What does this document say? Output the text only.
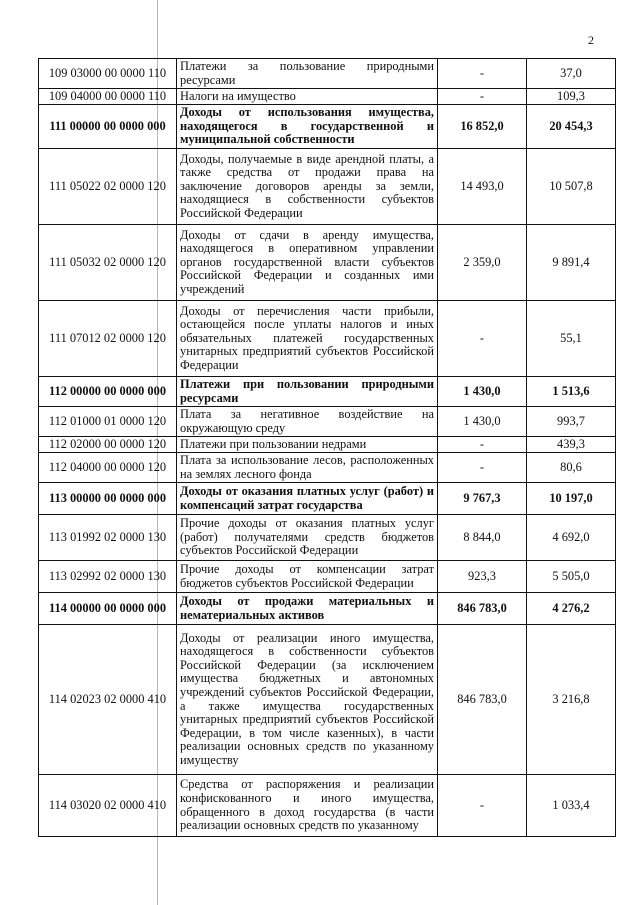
2
109 03000 00 0000 110	Платежи за пользование природными ресурсами	-	37,0
109 04000 00 0000 110	Налоги на имущество	-	109,3
111 00000 00 0000 000	Доходы от использования имущества, находящегося в государственной и муниципальной собственности	16 852,0	20 454,3
111 05022 02 0000 120	Доходы, получаемые в виде арендной платы, а также средства от продажи права на заключение договоров аренды за земли, находящиеся в собственности субъектов Российской Федерации	14 493,0	10 507,8
111 05032 02 0000 120	Доходы от сдачи в аренду имущества, находящегося в оперативном управлении органов государственной власти субъектов Российской Федерации и созданных ими учреждений	2 359,0	9 891,4
111 07012 02 0000 120	Доходы от перечисления части прибыли, остающейся после уплаты налогов и иных обязательных платежей государственных унитарных предприятий субъектов Российской Федерации	-	55,1
112 00000 00 0000 000	Платежи при пользовании природными ресурсами	1 430,0	1 513,6
112 01000 01 0000 120	Плата за негативное воздействие на окружающую среду	1 430,0	993,7
112 02000 00 0000 120	Платежи при пользовании недрами	-	439,3
112 04000 00 0000 120	Плата за использование лесов, расположенных на землях лесного фонда	-	80,6
113 00000 00 0000 000	Доходы от оказания платных услуг (работ) и компенсаций затрат государства	9 767,3	10 197,0
113 01992 02 0000 130	Прочие доходы от оказания платных услуг (работ) получателями средств бюджетов субъектов Российской Федерации	8 844,0	4 692,0
113 02992 02 0000 130	Прочие доходы от компенсации затрат бюджетов субъектов Российской Федерации	923,3	5 505,0
114 00000 00 0000 000	Доходы от продажи материальных и нематериальных активов	846 783,0	4 276,2
114 02023 02 0000 410	Доходы от реализации иного имущества, находящегося в собственности субъектов Российской Федерации (за исключением имущества бюджетных и автономных учреждений субъектов Российской Федерации, а также имущества государственных унитарных предприятий субъектов Российской Федерации, в том числе казенных), в части реализации основных средств по указанному имуществу	846 783,0	3 216,8
114 03020 02 0000 410	Средства от распоряжения и реализации конфискованного и иного имущества, обращенного в доход государства (в части реализации основных средств по указанному	-	1 033,4
